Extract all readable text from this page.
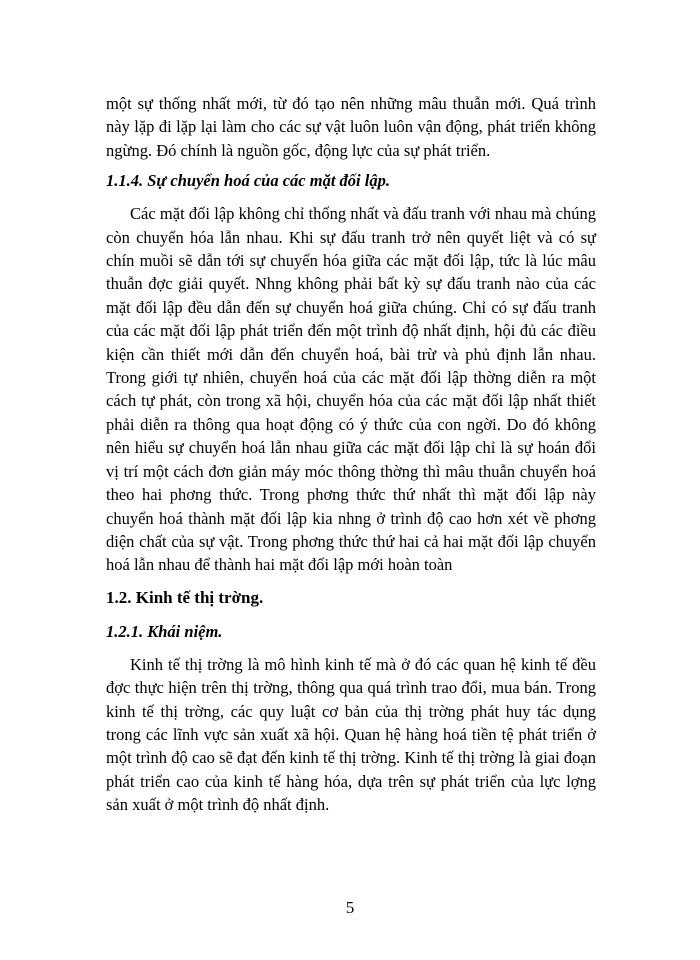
một sự thống nhất mới, từ đó tạo nên những mâu thuẫn mới. Quá trình này lặp đi lặp lại làm cho các sự vật luôn luôn vận động, phát triển không ngừng. Đó chính là nguồn gốc, động lực của sự phát triển.

1.1.4. Sự chuyển hoá của các mặt đối lập.

Các mặt đối lập không chỉ thống nhất và đấu tranh với nhau mà chúng còn chuyển hóa lẫn nhau. Khi sự đấu tranh trở nên quyết liệt và có sự chín muồi sẽ dẫn tới sự chuyển hóa giữa các mặt đối lập, tức là lúc mâu thuẫn đợc giải quyết. Nhng không phải bất kỳ sự đấu tranh nào của các mặt đối lập đều dẫn đến sự chuyển hoá giữa chúng. Chỉ có sự đấu tranh của các mặt đối lập phát triển đến một trình độ nhất định, hội đủ các điều kiện cần thiết mới dẫn đến chuyển hoá, bài trừ và phủ định lẫn nhau. Trong giới tự nhiên, chuyển hoá của các mặt đối lập thờng diễn ra một cách tự phát, còn trong xã hội, chuyển hóa của các mặt đối lập nhất thiết phải diễn ra thông qua hoạt động có ý thức của con ngời. Do đó không nên hiểu sự chuyển hoá lẫn nhau giữa các mặt đối lập chỉ là sự hoán đổi vị trí một cách đơn giản máy móc thông thờng thì mâu thuẫn chuyển hoá theo hai phơng thức. Trong phơng thức thứ nhất thì mặt đối lập này chuyển hoá thành mặt đối lập kia nhng ở trình độ cao hơn xét về phơng diện chất của sự vật. Trong phơng thức thứ hai cả hai mặt đối lập chuyển hoá lẫn nhau để thành hai mặt đối lập mới hoàn toàn

1.2. Kinh tế thị trờng.
1.2.1. Khái niệm.

Kinh tế thị trờng là mô hình kinh tế mà ở đó các quan hệ kinh tế đều đợc thực hiện trên thị trờng, thông qua quá trình trao đổi, mua bán. Trong kinh tế thị trờng, các quy luật cơ bản của thị trờng phát huy tác dụng trong các lĩnh vực sản xuất xã hội. Quan hệ hàng hoá tiền tệ phát triển ở một trình độ cao sẽ đạt đến kinh tế thị trờng. Kinh tế thị trờng là giai đoạn phát triển cao của kinh tế hàng hóa, dựa trên sự phát triển của lực lợng sản xuất ở một trình độ nhất định.

5
